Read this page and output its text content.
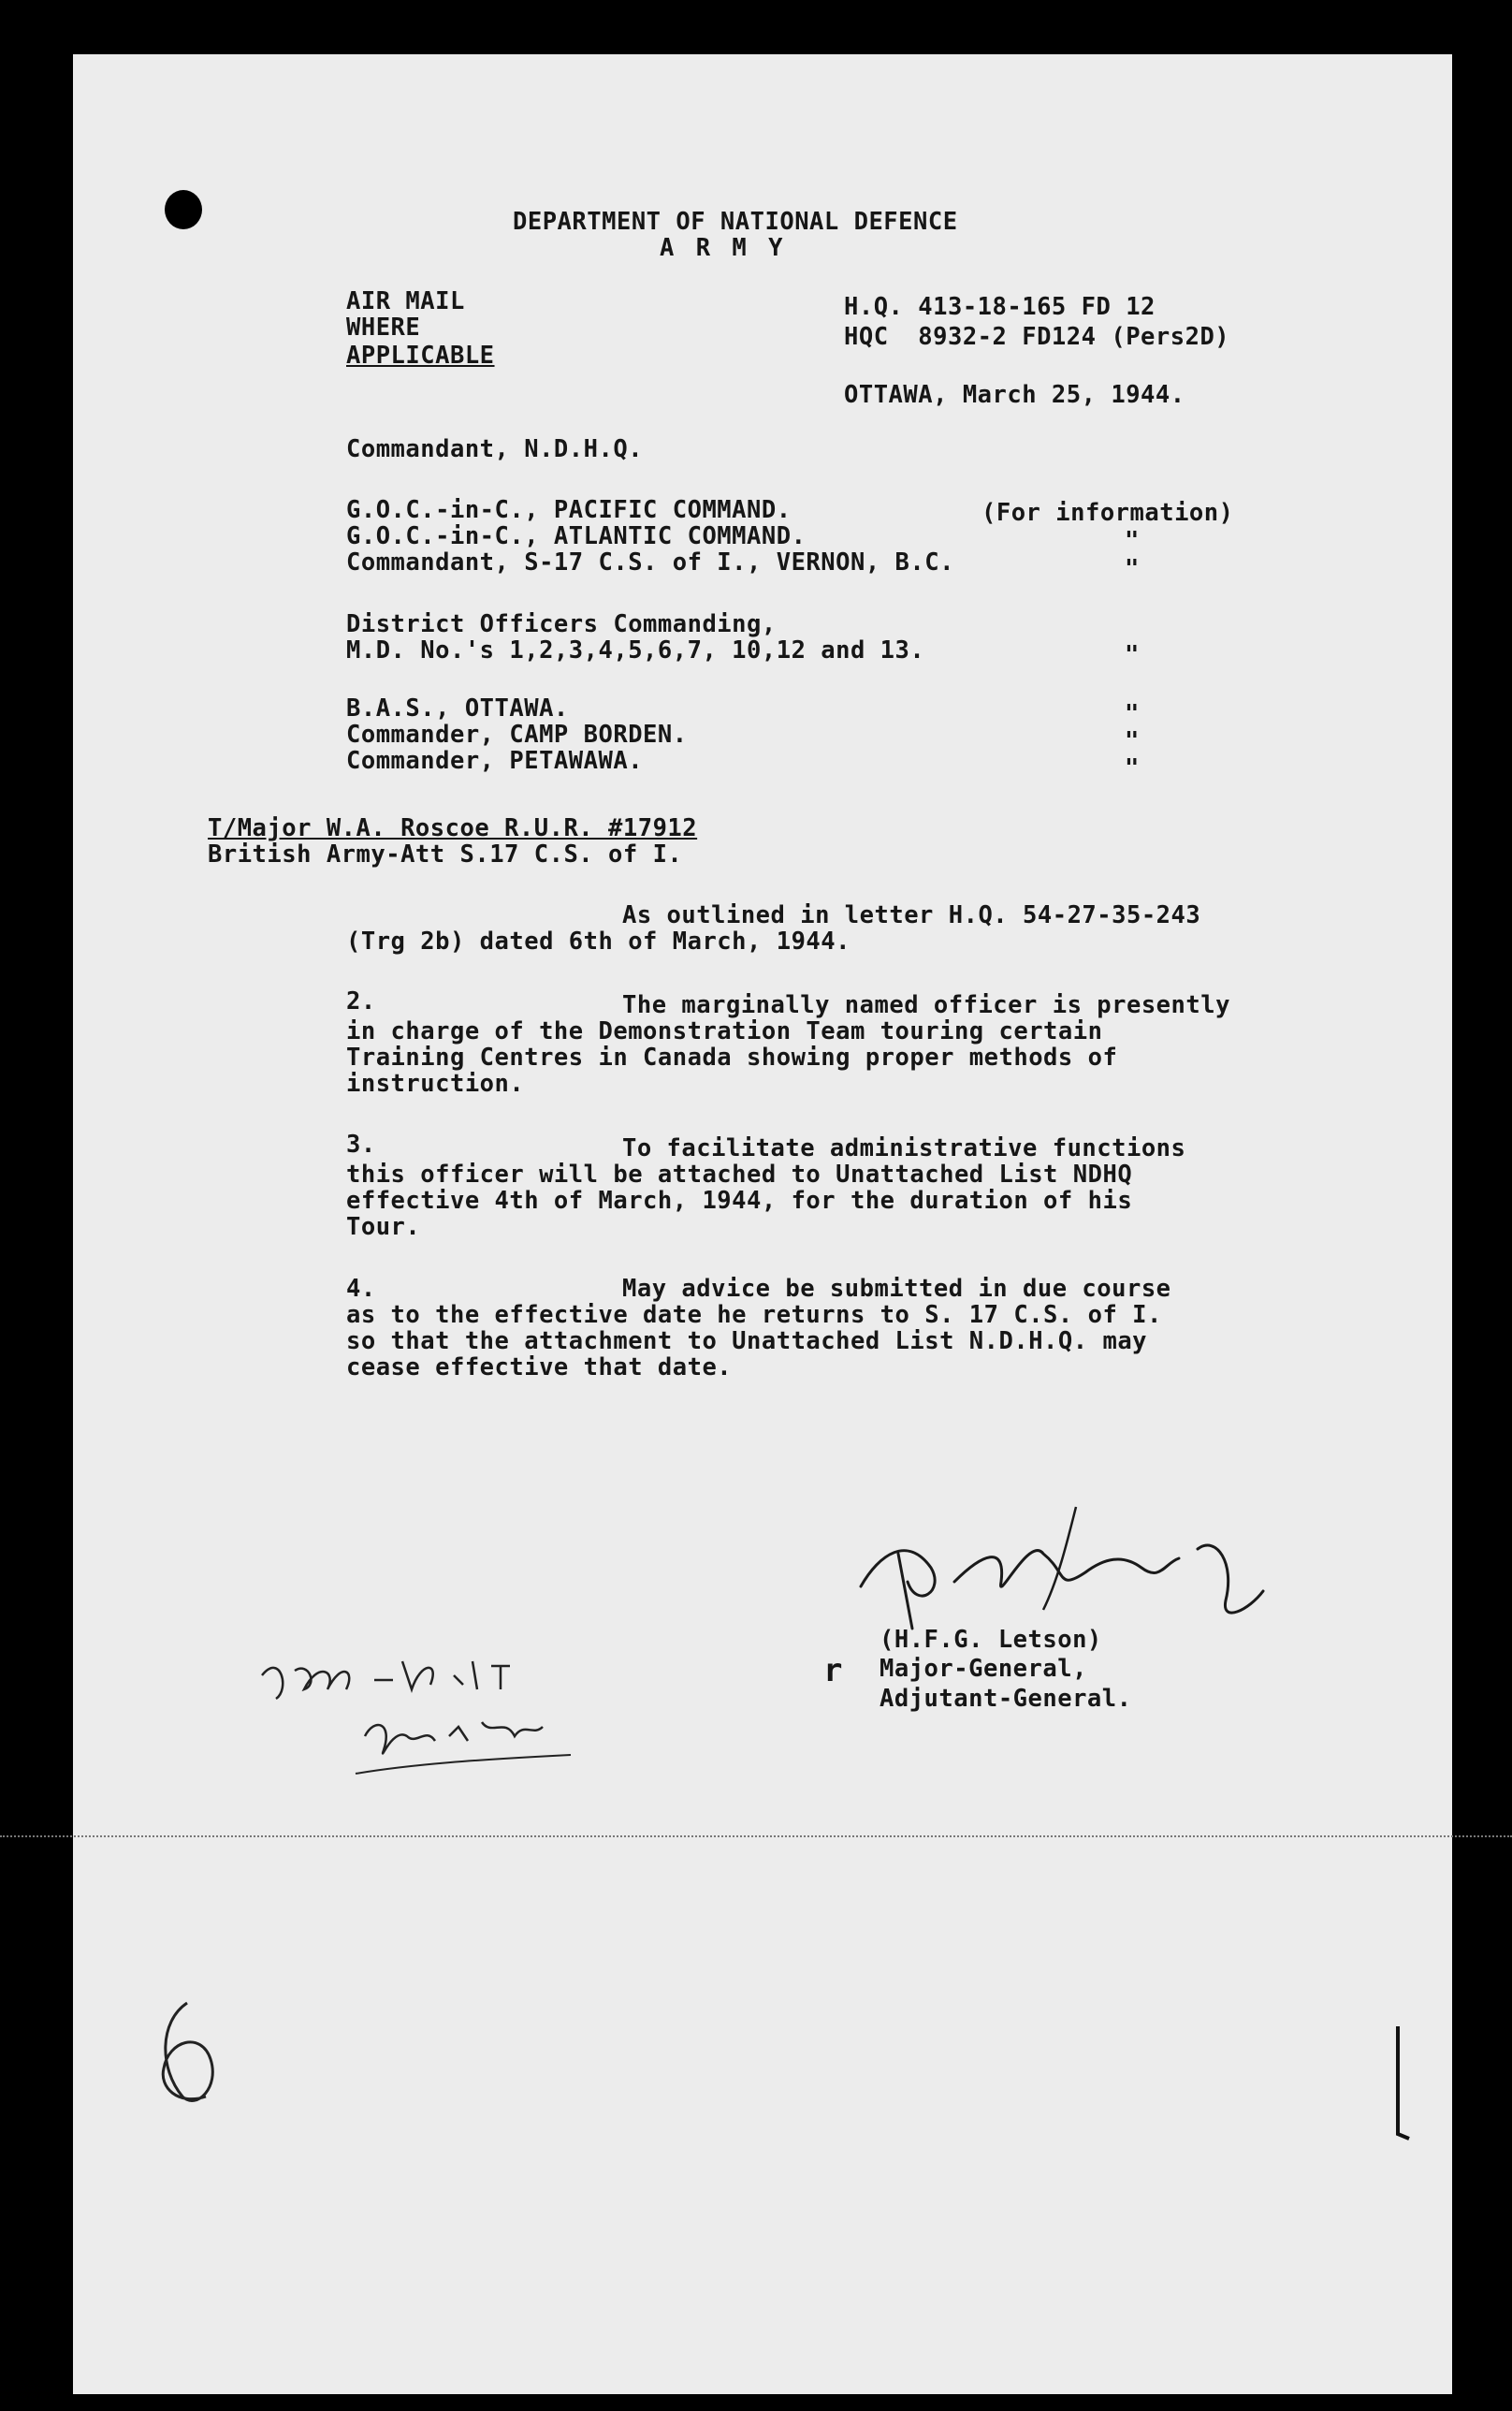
DEPARTMENT OF NATIONAL DEFENCE
A R M Y
AIR MAIL
WHERE
APPLICABLE
H.Q. 413-18-165 FD 12
HQC  8932-2 FD124 (Pers2D)
OTTAWA, March 25, 1944.
Commandant, N.D.H.Q.
G.O.C.-in-C., PACIFIC COMMAND.	(For information)
G.O.C.-in-C., ATLANTIC COMMAND.	"
Commandant, S-17 C.S. of I., VERNON, B.C.	"
District Officers Commanding,
M.D. No.'s 1,2,3,4,5,6,7, 10,12 and 13.	"
B.A.S., OTTAWA.	"
Commander, CAMP BORDEN.	"
Commander, PETAWAWA.	"
T/Major W.A. Roscoe R.U.R. #17912
British Army-Att S.17 C.S. of I.
As outlined in letter H.Q. 54-27-35-243
(Trg 2b) dated 6th of March, 1944.
2.	The marginally named officer is presently
in charge of the Demonstration Team touring certain
Training Centres in Canada showing proper methods of
instruction.
3.	To facilitate administrative functions
this officer will be attached to Unattached List NDHQ
effective 4th of March, 1944, for the duration of his
Tour.
4.	May advice be submitted in due course
as to the effective date he returns to S. 17 C.S. of I.
so that the attachment to Unattached List N.D.H.Q. may
cease effective that date.
(H.F.G. Letson)
Major-General,
Adjutant-General.
r
